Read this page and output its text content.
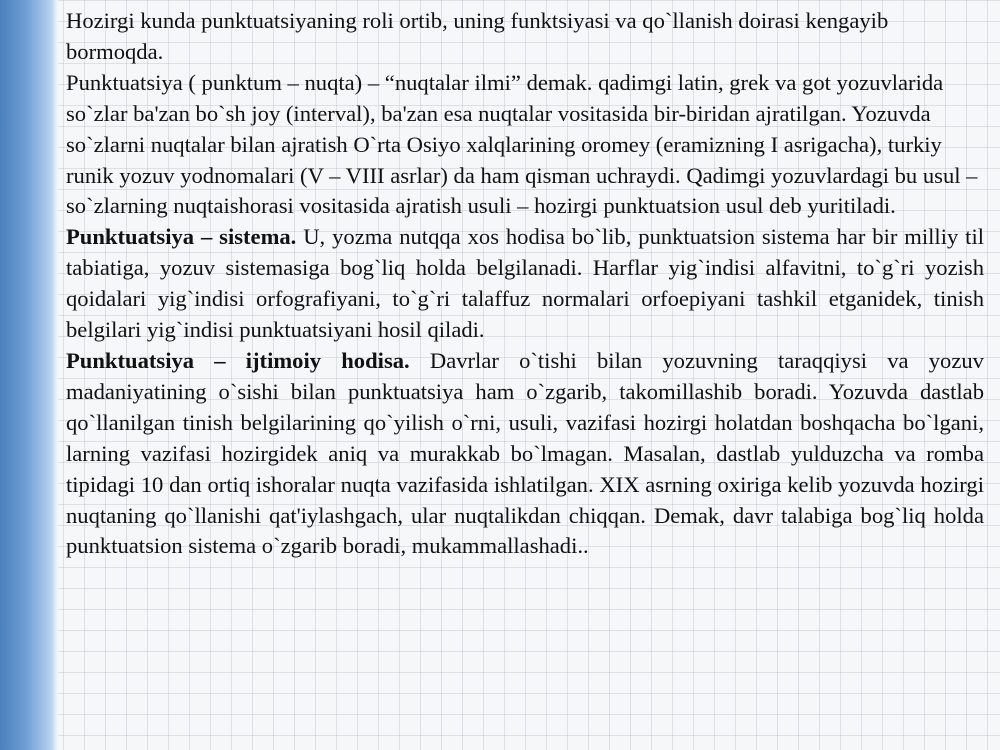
Hozirgi kunda punktuatsiyaning roli ortib, uning funktsiyasi va qo`llanish doirasi kengayib bormoqda.

Punktuatsiya ( punktum – nuqta) – “nuqtalar ilmi” demak. qadimgi latin, grek va got yozuvlarida so`zlar ba'zan bo`sh joy (interval), ba'zan esa nuqtalar vositasida bir-biridan ajratilgan. Yozuvda so`zlarni nuqtalar bilan ajratish O`rta Osiyo xalqlarining oromey (eramizning I asrigacha), turkiy runik yozuv yodnomalari (V – VIII asrlar) da ham qisman uchraydi. Qadimgi yozuvlardagi bu usul – so`zlarning nuqtaishorasi vositasida ajratish usuli – hozirgi punktuatsion usul deb yuritiladi.

Punktuatsiya – sistema. U, yozma nutqqa xos hodisa bo`lib, punktuatsion sistema har bir milliy til tabiatiga, yozuv sistemasiga bog`liq holda belgilanadi. Harflar yig`indisi alfavitni, to`g`ri yozish qoidalari yig`indisi orfografiyani, to`g`ri talaffuz normalari orfoepiyani tashkil etganidek, tinish belgilari yig`indisi punktuatsiyani hosil qiladi.

Punktuatsiya – ijtimoiy hodisa. Davrlar o`tishi bilan yozuvning taraqqiysi va yozuv madaniyatining o`sishi bilan punktuatsiya ham o`zgarib, takomillashib boradi. Yozuvda dastlab qo`llanilgan tinish belgilarining qo`yilish o`rni, usuli, vazifasi hozirgi holatdan boshqacha bo`lgani, larning vazifasi hozirgidek aniq va murakkab bo`lmagan. Masalan, dastlab yulduzcha va romba tipidagi 10 dan ortiq ishoralar nuqta vazifasida ishlatilgan. XIX asrning oxiriga kelib yozuvda hozirgi nuqtaning qo`llanishi qat'iylashgach, ular nuqtalikdan chiqqan. Demak, davr talabiga bog`liq holda punktuatsion sistema o`zgarib boradi, mukammallashadi..
